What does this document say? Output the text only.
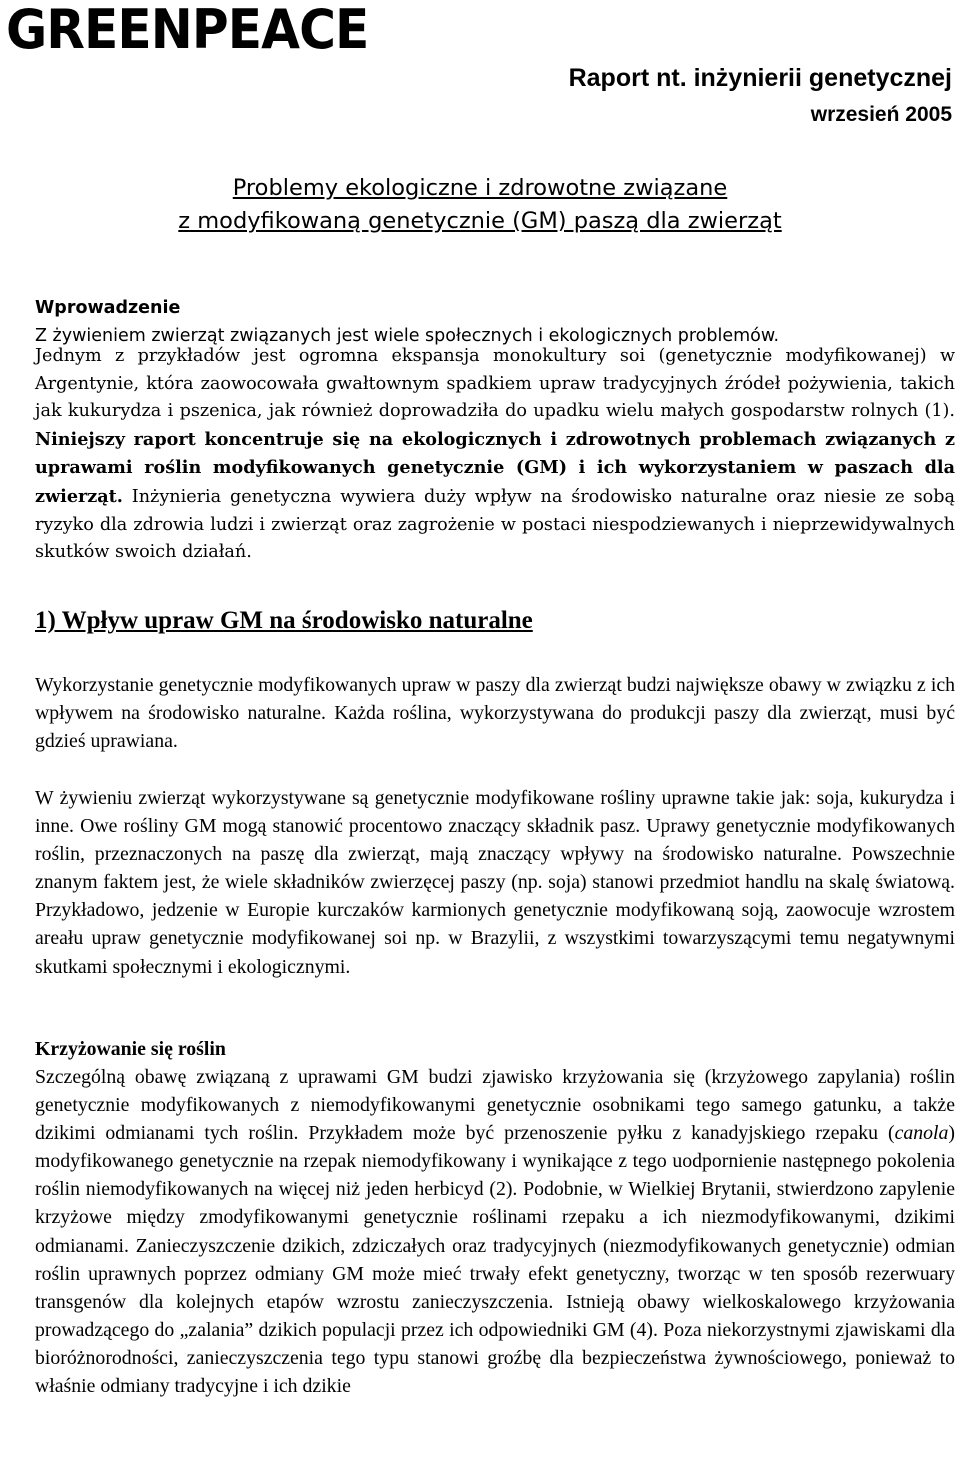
GREENPEACE
Raport nt. inżynierii genetycznej
wrzesień 2005
Problemy ekologiczne i zdrowotne związane
z modyfikowaną genetycznie (GM) paszą dla zwierząt
Wprowadzenie
Z żywieniem zwierząt związanych jest wiele społecznych i ekologicznych problemów.
Jednym z przykładów jest ogromna ekspansja monokultury soi (genetycznie modyfikowanej) w Argentynie, która zaowocowała gwałtownym spadkiem upraw tradycyjnych źródeł pożywienia, takich jak kukurydza i pszenica, jak również doprowadziła do upadku wielu małych gospodarstw rolnych (1). Niniejszy raport koncentruje się na ekologicznych i zdrowotnych problemach związanych z uprawami roślin modyfikowanych genetycznie (GM) i ich wykorzystaniem w paszach dla zwierząt. Inżynieria genetyczna wywiera duży wpływ na środowisko naturalne oraz niesie ze sobą ryzyko dla zdrowia ludzi i zwierząt oraz zagrożenie w postaci niespodziewanych i nieprzewidywalnych skutków swoich działań.
1) Wpływ upraw GM na środowisko naturalne
Wykorzystanie genetycznie modyfikowanych upraw w paszy dla zwierząt budzi największe obawy w związku z ich wpływem na środowisko naturalne. Każda roślina, wykorzystywana do produkcji paszy dla zwierząt, musi być gdzieś uprawiana.
W żywieniu zwierząt wykorzystywane są genetycznie modyfikowane rośliny uprawne takie jak: soja, kukurydza i inne. Owe rośliny GM mogą stanowić procentowo znaczący składnik pasz. Uprawy genetycznie modyfikowanych roślin, przeznaczonych na paszę dla zwierząt, mają znaczący wpływy na środowisko naturalne. Powszechnie znanym faktem jest, że wiele składników zwierzęcej paszy (np. soja) stanowi przedmiot handlu na skalę światową. Przykładowo, jedzenie w Europie kurczaków karmionych genetycznie modyfikowaną soją, zaowocuje wzrostem areału upraw genetycznie modyfikowanej soi np. w Brazylii, z wszystkimi towarzyszącymi temu negatywnymi skutkami społecznymi i ekologicznymi.
Krzyżowanie się roślin
Szczególną obawę związaną z uprawami GM budzi zjawisko krzyżowania się (krzyżowego zapylania) roślin genetycznie modyfikowanych z niemodyfikowanymi genetycznie osobnikami tego samego gatunku, a także dzikimi odmianami tych roślin. Przykładem może być przenoszenie pyłku z kanadyjskiego rzepaku (canola) modyfikowanego genetycznie na rzepak niemodyfikowany i wynikające z tego uodpornienie następnego pokolenia roślin niemodyfikowanych na więcej niż jeden herbicyd (2). Podobnie, w Wielkiej Brytanii, stwierdzono zapylenie krzyżowe między zmodyfikowanymi genetycznie roślinami rzepaku a ich niezmodyfikowanymi, dzikimi odmianami. Zanieczyszczenie dzikich, zdziczałych oraz tradycyjnych (niezmodyfikowanych genetycznie) odmian roślin uprawnych poprzez odmiany GM może mieć trwały efekt genetyczny, tworząc w ten sposób rezerwuary transgenów dla kolejnych etapów wzrostu zanieczyszczenia. Istnieją obawy wielkoskalowego krzyżowania prowadzącego do „zalania” dzikich populacji przez ich odpowiedniki GM (4). Poza niekorzystnymi zjawiskami dla bioróżnorodności, zanieczyszczenia tego typu stanowi groźbę dla bezpieczeństwa żywnościowego, ponieważ to właśnie odmiany tradycyjne i ich dzikie
